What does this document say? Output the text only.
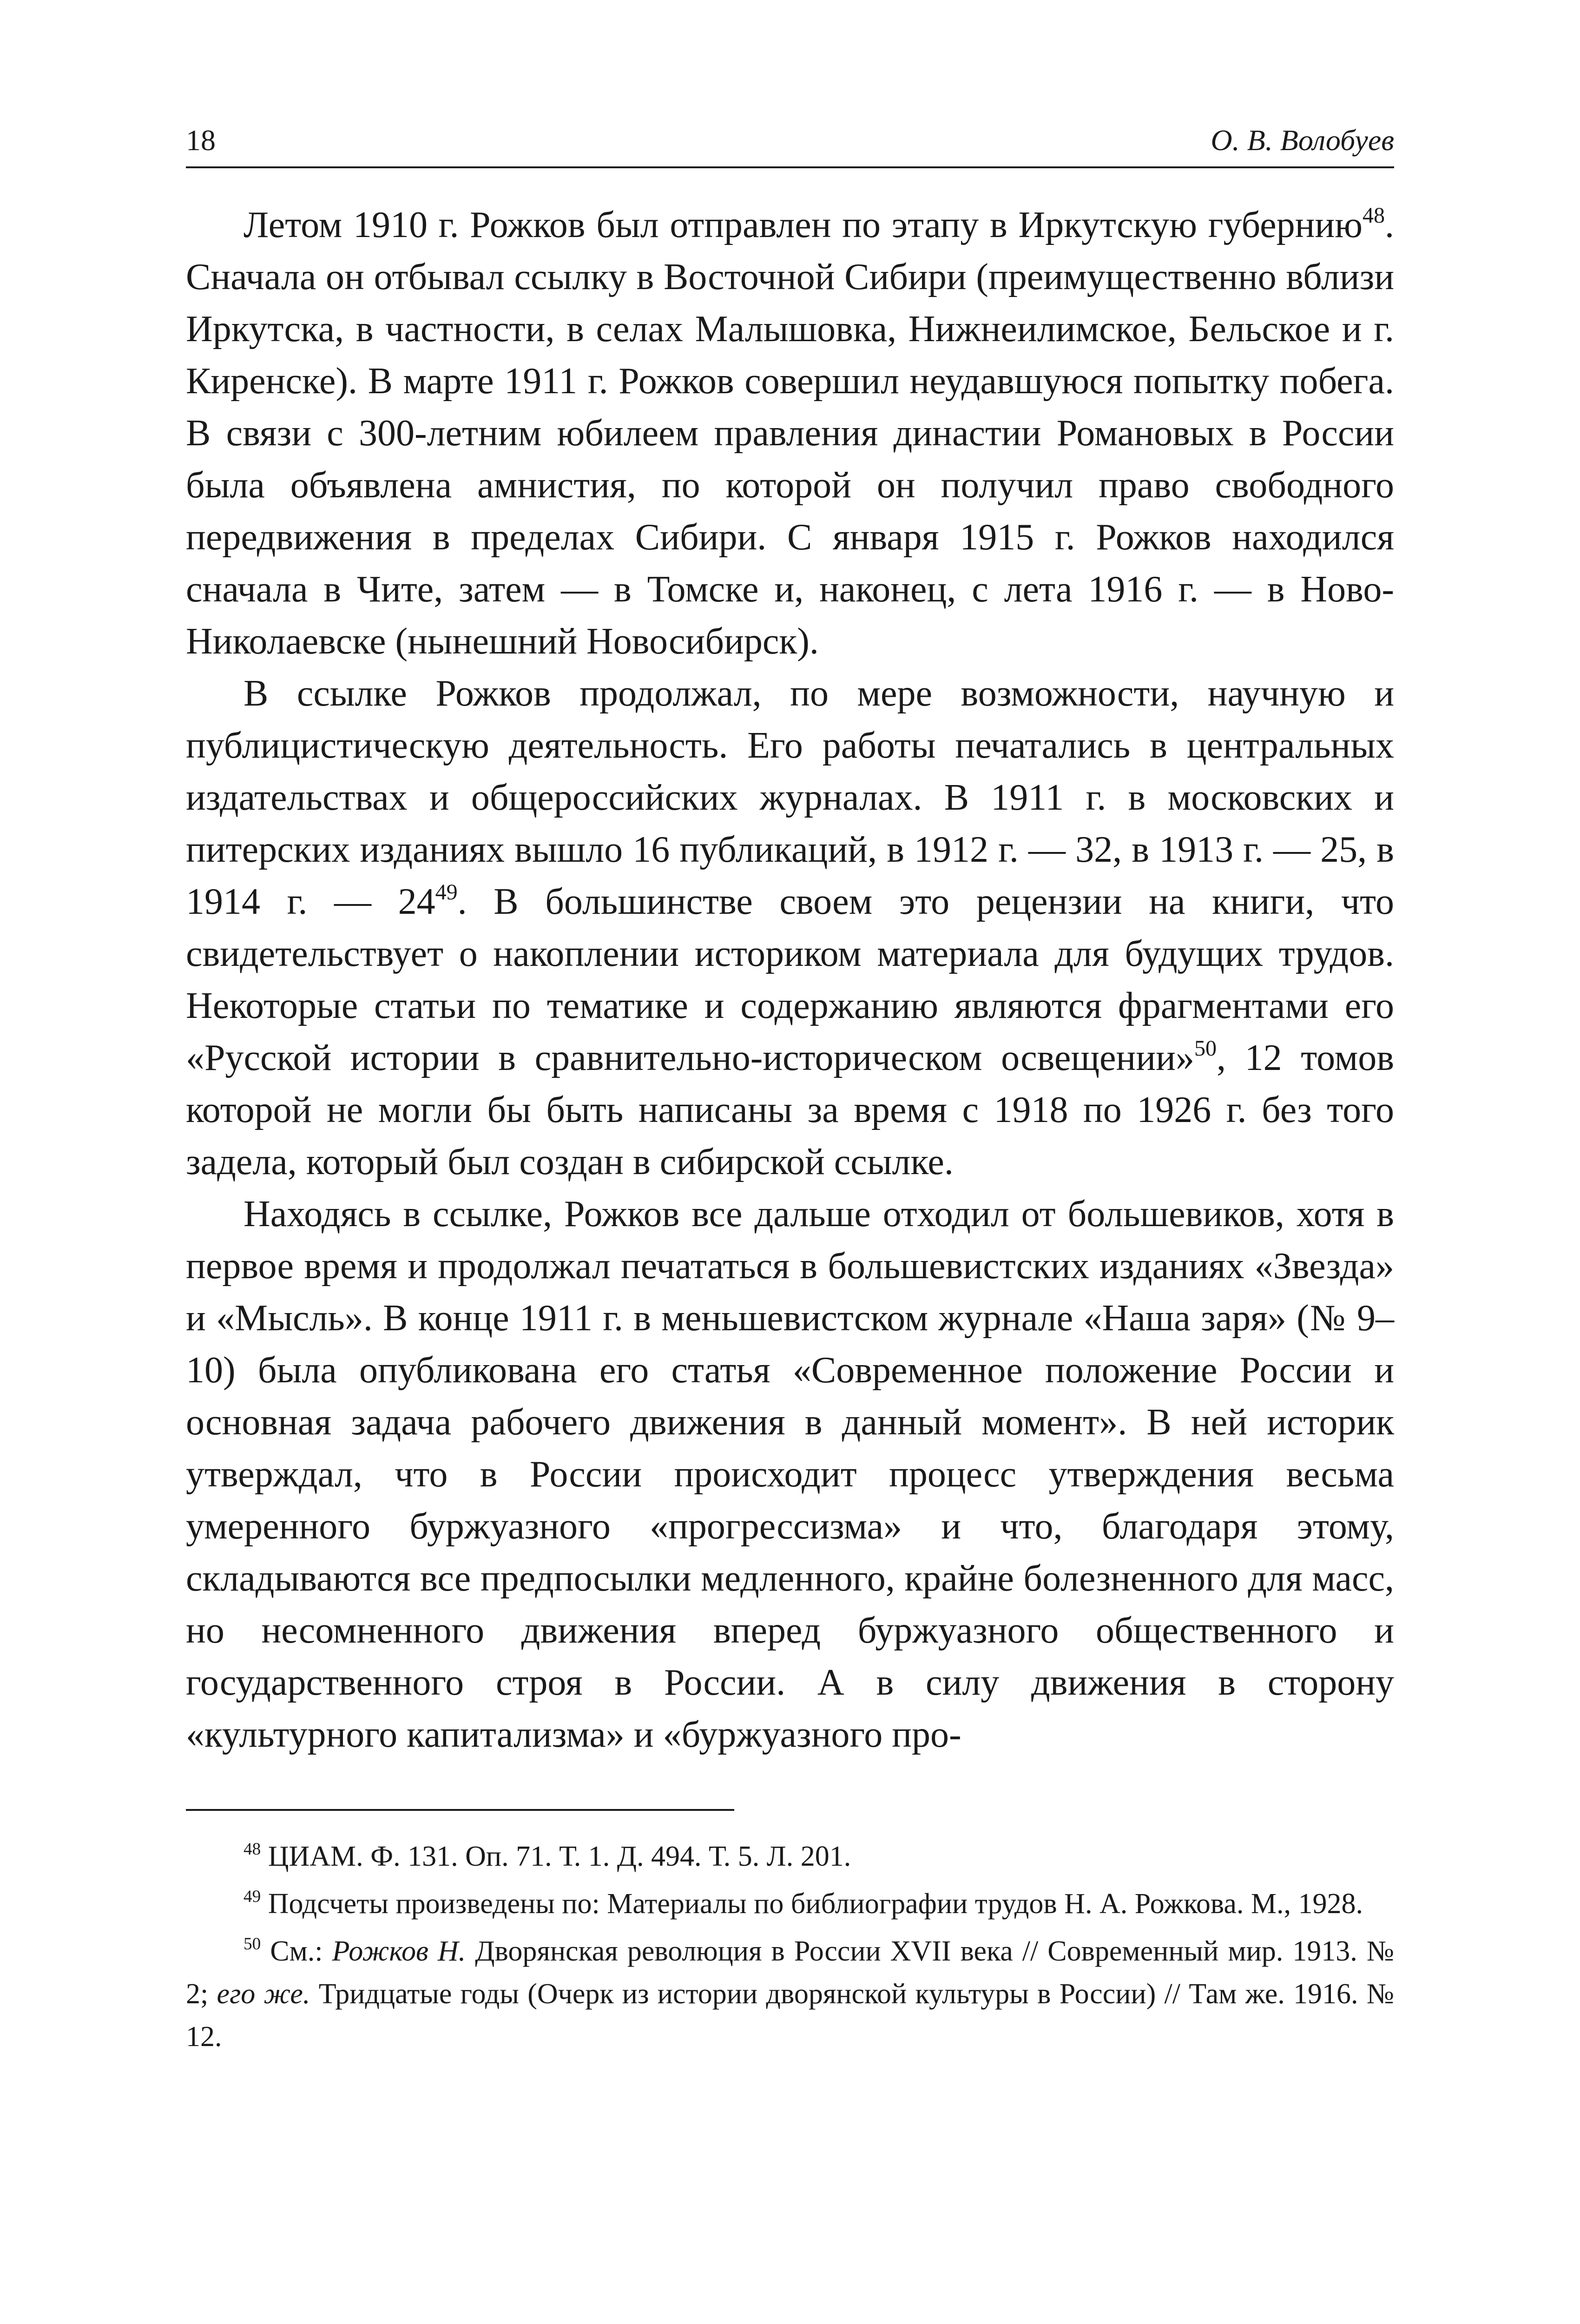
18	О. В. Волобуев

Летом 1910 г. Рожков был отправлен по этапу в Иркутскую губернию$^{48}$. Сначала он отбывал ссылку в Восточной Сибири (преимущественно вблизи Иркутска, в частности, в селах Малышовка, Нижнеилимское, Бельское и г. Киренске). В марте 1911 г. Рожков совершил неудавшуюся попытку побега. В связи с 300-летним юбилеем правления династии Романовых в России была объявлена амнистия, по которой он получил право свободного передвижения в пределах Сибири. С января 1915 г. Рожков находился сначала в Чите, затем — в Томске и, наконец, с лета 1916 г. — в Ново-Николаевске (нынешний Новосибирск).

В ссылке Рожков продолжал, по мере возможности, научную и публицистическую деятельность. Его работы печатались в центральных издательствах и общероссийских журналах. В 1911 г. в московских и питерских изданиях вышло 16 публикаций, в 1912 г. — 32, в 1913 г. — 25, в 1914 г. — $24^{49}$. В большинстве своем это рецензии на книги, что свидетельствует о накоплении историком материала для будущих трудов. Некоторые статьи по тематике и содержанию являются фрагментами его «Русской истории в сравнительно-историческом освещении»$^{50}$, 12 томов которой не могли бы быть написаны за время с 1918 по 1926 г. без того задела, который был создан в сибирской ссылке.

Находясь в ссылке, Рожков все дальше отходил от большевиков, хотя в первое время и продолжал печататься в большевистских изданиях «Звезда» и «Мысль». В конце 1911 г. в меньшевистском журнале «Наша заря» (№ 9–10) была опубликована его статья «Современное положение России и основная задача рабочего движения в данный момент». В ней историк утверждал, что в России происходит процесс утверждения весьма умеренного буржуазного «прогрессизма» и что, благодаря этому, складываются все предпосылки медленного, крайне болезненного для масс, но несомненного движения вперед буржуазного общественного и государственного строя в России. А в силу движения в сторону «культурного капитализма» и «буржуазного про-

$^{48}$ ЦИАМ. Ф. 131. Оп. 71. Т. 1. Д. 494. Т. 5. Л. 201.

$^{49}$ Подсчеты произведены по: Материалы по библиографии трудов Н. А. Рожкова. М., 1928.

$^{50}$ См.: Рожков Н. Дворянская революция в России XVII века // Современный мир. 1913. № 2; его же. Тридцатые годы (Очерк из истории дворянской культуры в России) // Там же. 1916. № 12.
